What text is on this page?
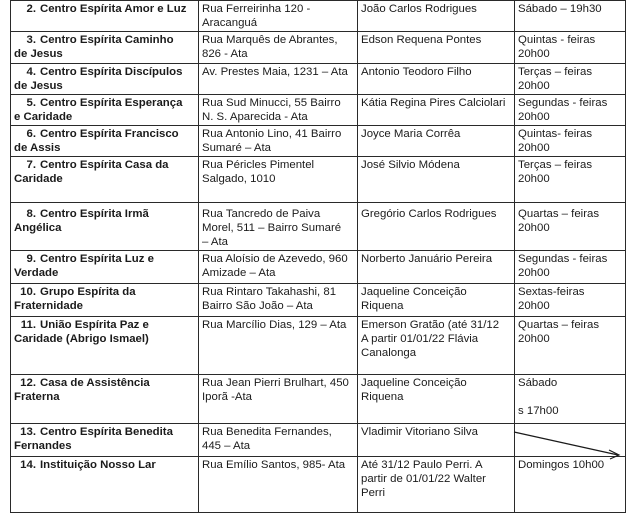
2. Centro Espírita Amor e Luz	Rua Ferreirinha 120 -
Aracanguá	João Carlos Rodrigues	Sábado – 19h30
3. Centro Espírita Caminho
de Jesus	Rua Marquês de Abrantes,
826 - Ata	Edson Requena Pontes	Quintas - feiras
20h00
4. Centro Espírita Discípulos
de Jesus	Av. Prestes Maia, 1231 – Ata	Antonio Teodoro Filho	Terças – feiras
20h00
5. Centro Espírita Esperança
e Caridade	Rua Sud Minucci, 55 Bairro
N. S. Aparecida - Ata	Kátia Regina Pires Calciolari	Segundas - feiras
20h00
6. Centro Espírita Francisco
de Assis	Rua Antonio Lino, 41 Bairro
Sumaré – Ata	Joyce Maria Corrêa	Quintas- feiras
20h00
7. Centro Espírita Casa da
Caridade	Rua Péricles Pimentel
Salgado, 1010	José Silvio Módena	Terças – feiras
20h00
8. Centro Espírita Irmã
Angélica	Rua Tancredo de Paiva
Morel, 511 – Bairro Sumaré
– Ata	Gregório Carlos Rodrigues	Quartas – feiras
20h00
9. Centro Espírita Luz e
Verdade	Rua Aloísio de Azevedo, 960
Amizade – Ata	Norberto Januário Pereira	Segundas - feiras
20h00
10. Grupo Espírita da
Fraternidade	Rua Rintaro Takahashi, 81
Bairro São João – Ata	Jaqueline Conceição
Riquena	Sextas-feiras
20h00
11. União Espírita Paz e
Caridade (Abrigo Ismael)	Rua Marcílio Dias, 129 – Ata	Emerson Gratão (até 31/12
A partir 01/01/22 Flávia
Canalonga	Quartas – feiras
20h00
12. Casa de Assistência
Fraterna	Rua Jean Pierri Brulhart, 450
Iporã -Ata	Jaqueline Conceição
Riquena	Sábado

s 17h00
13. Centro Espírita Benedita
Fernandes	Rua Benedita Fernandes,
445 – Ata	Vladimir Vitoriano Silva	
14. Instituição Nosso Lar	Rua Emílio Santos, 985- Ata	Até 31/12 Paulo Perri. A
partir de 01/01/22 Walter
Perri	Domingos 10h00
